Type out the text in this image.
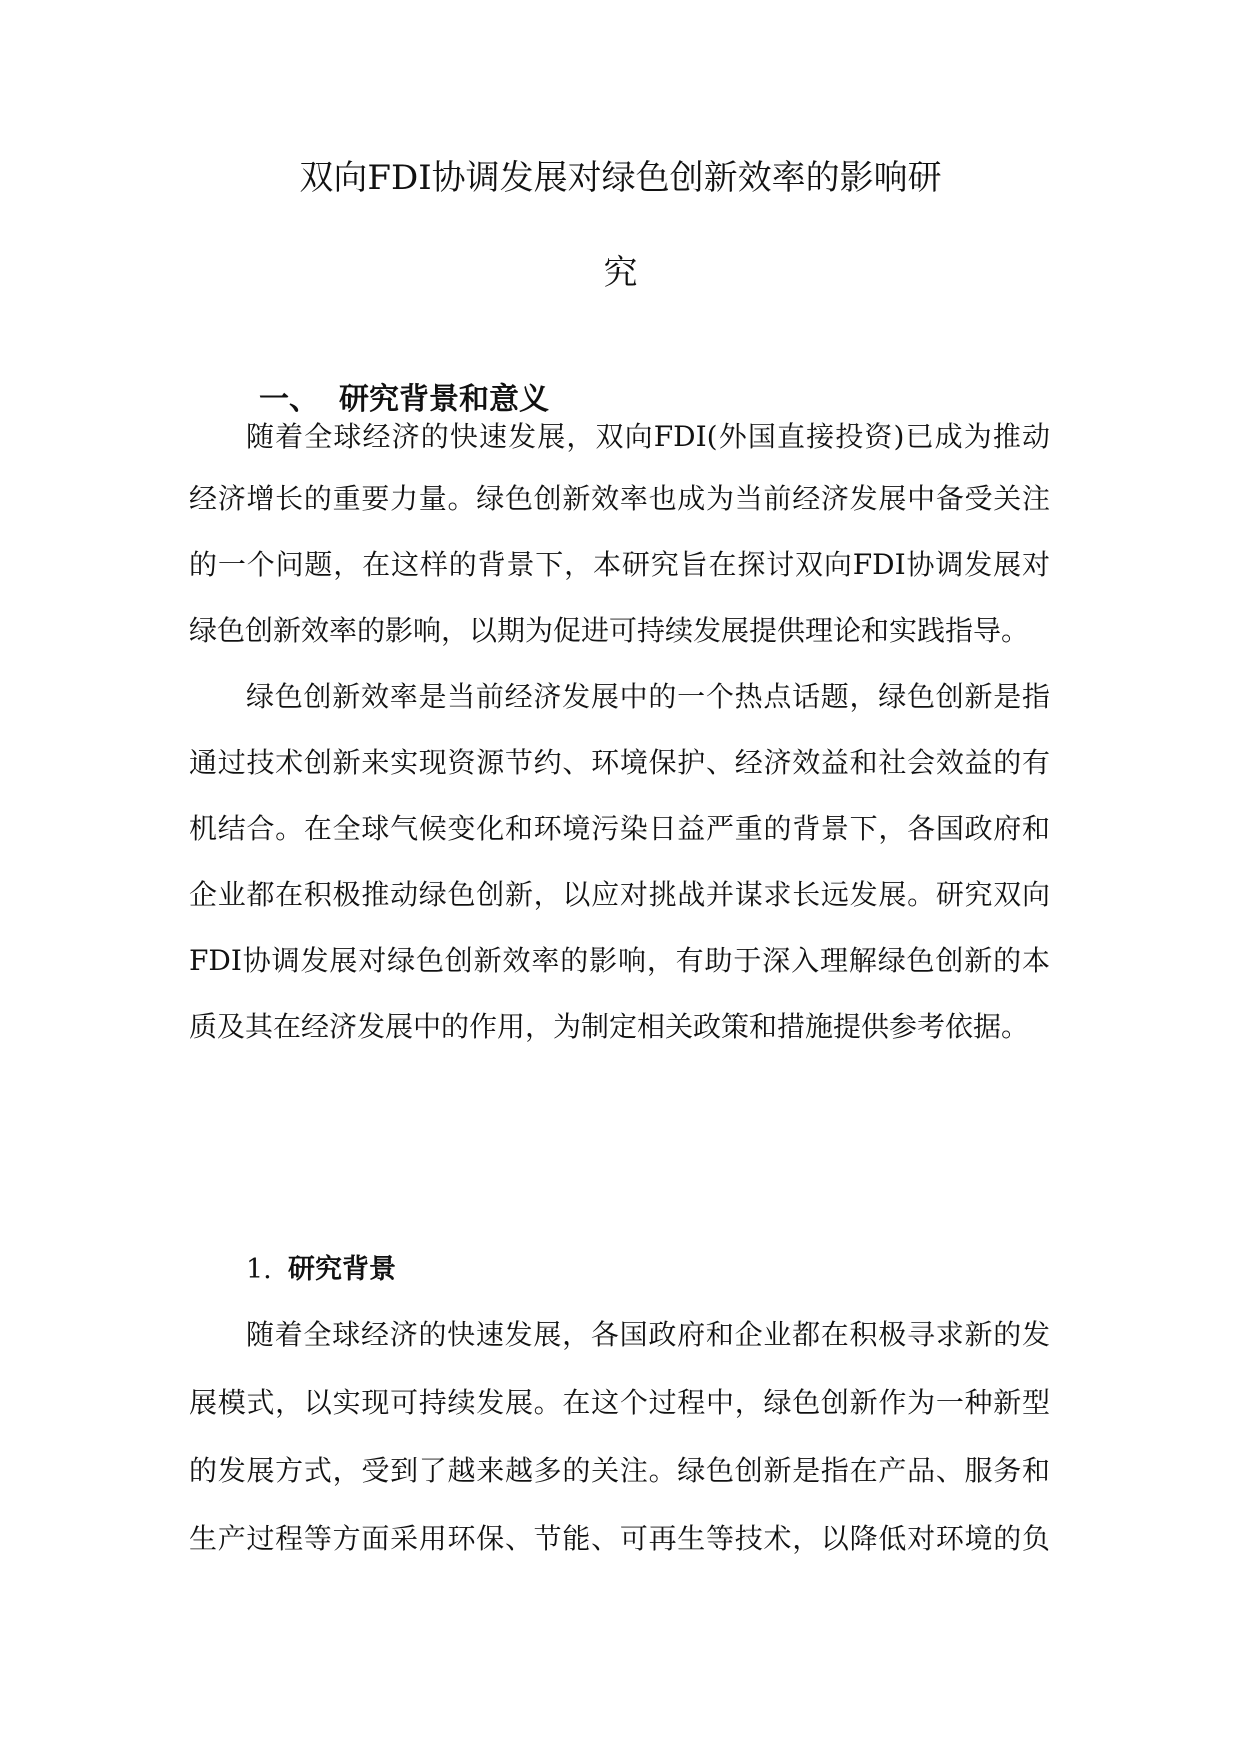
双向FDI协调发展对绿色创新效率的影响研
究
一、 研究背景和意义

随着全球经济的快速发展，双向FDI(外国直接投资)已成为推动

经济增长的重要力量。绿色创新效率也成为当前经济发展中备受关注

的一个问题，在这样的背景下，本研究旨在探讨双向FDI协调发展对

绿色创新效率的影响，以期为促进可持续发展提供理论和实践指导。

绿色创新效率是当前经济发展中的一个热点话题，绿色创新是指

通过技术创新来实现资源节约、环境保护、经济效益和社会效益的有

机结合。在全球气候变化和环境污染日益严重的背景下，各国政府和

企业都在积极推动绿色创新，以应对挑战并谋求长远发展。研究双向

FDI协调发展对绿色创新效率的影响，有助于深入理解绿色创新的本

质及其在经济发展中的作用，为制定相关政策和措施提供参考依据。

1. 研究背景

随着全球经济的快速发展，各国政府和企业都在积极寻求新的发

展模式，以实现可持续发展。在这个过程中，绿色创新作为一种新型

的发展方式，受到了越来越多的关注。绿色创新是指在产品、服务和

生产过程等方面采用环保、节能、可再生等技术，以降低对环境的负
